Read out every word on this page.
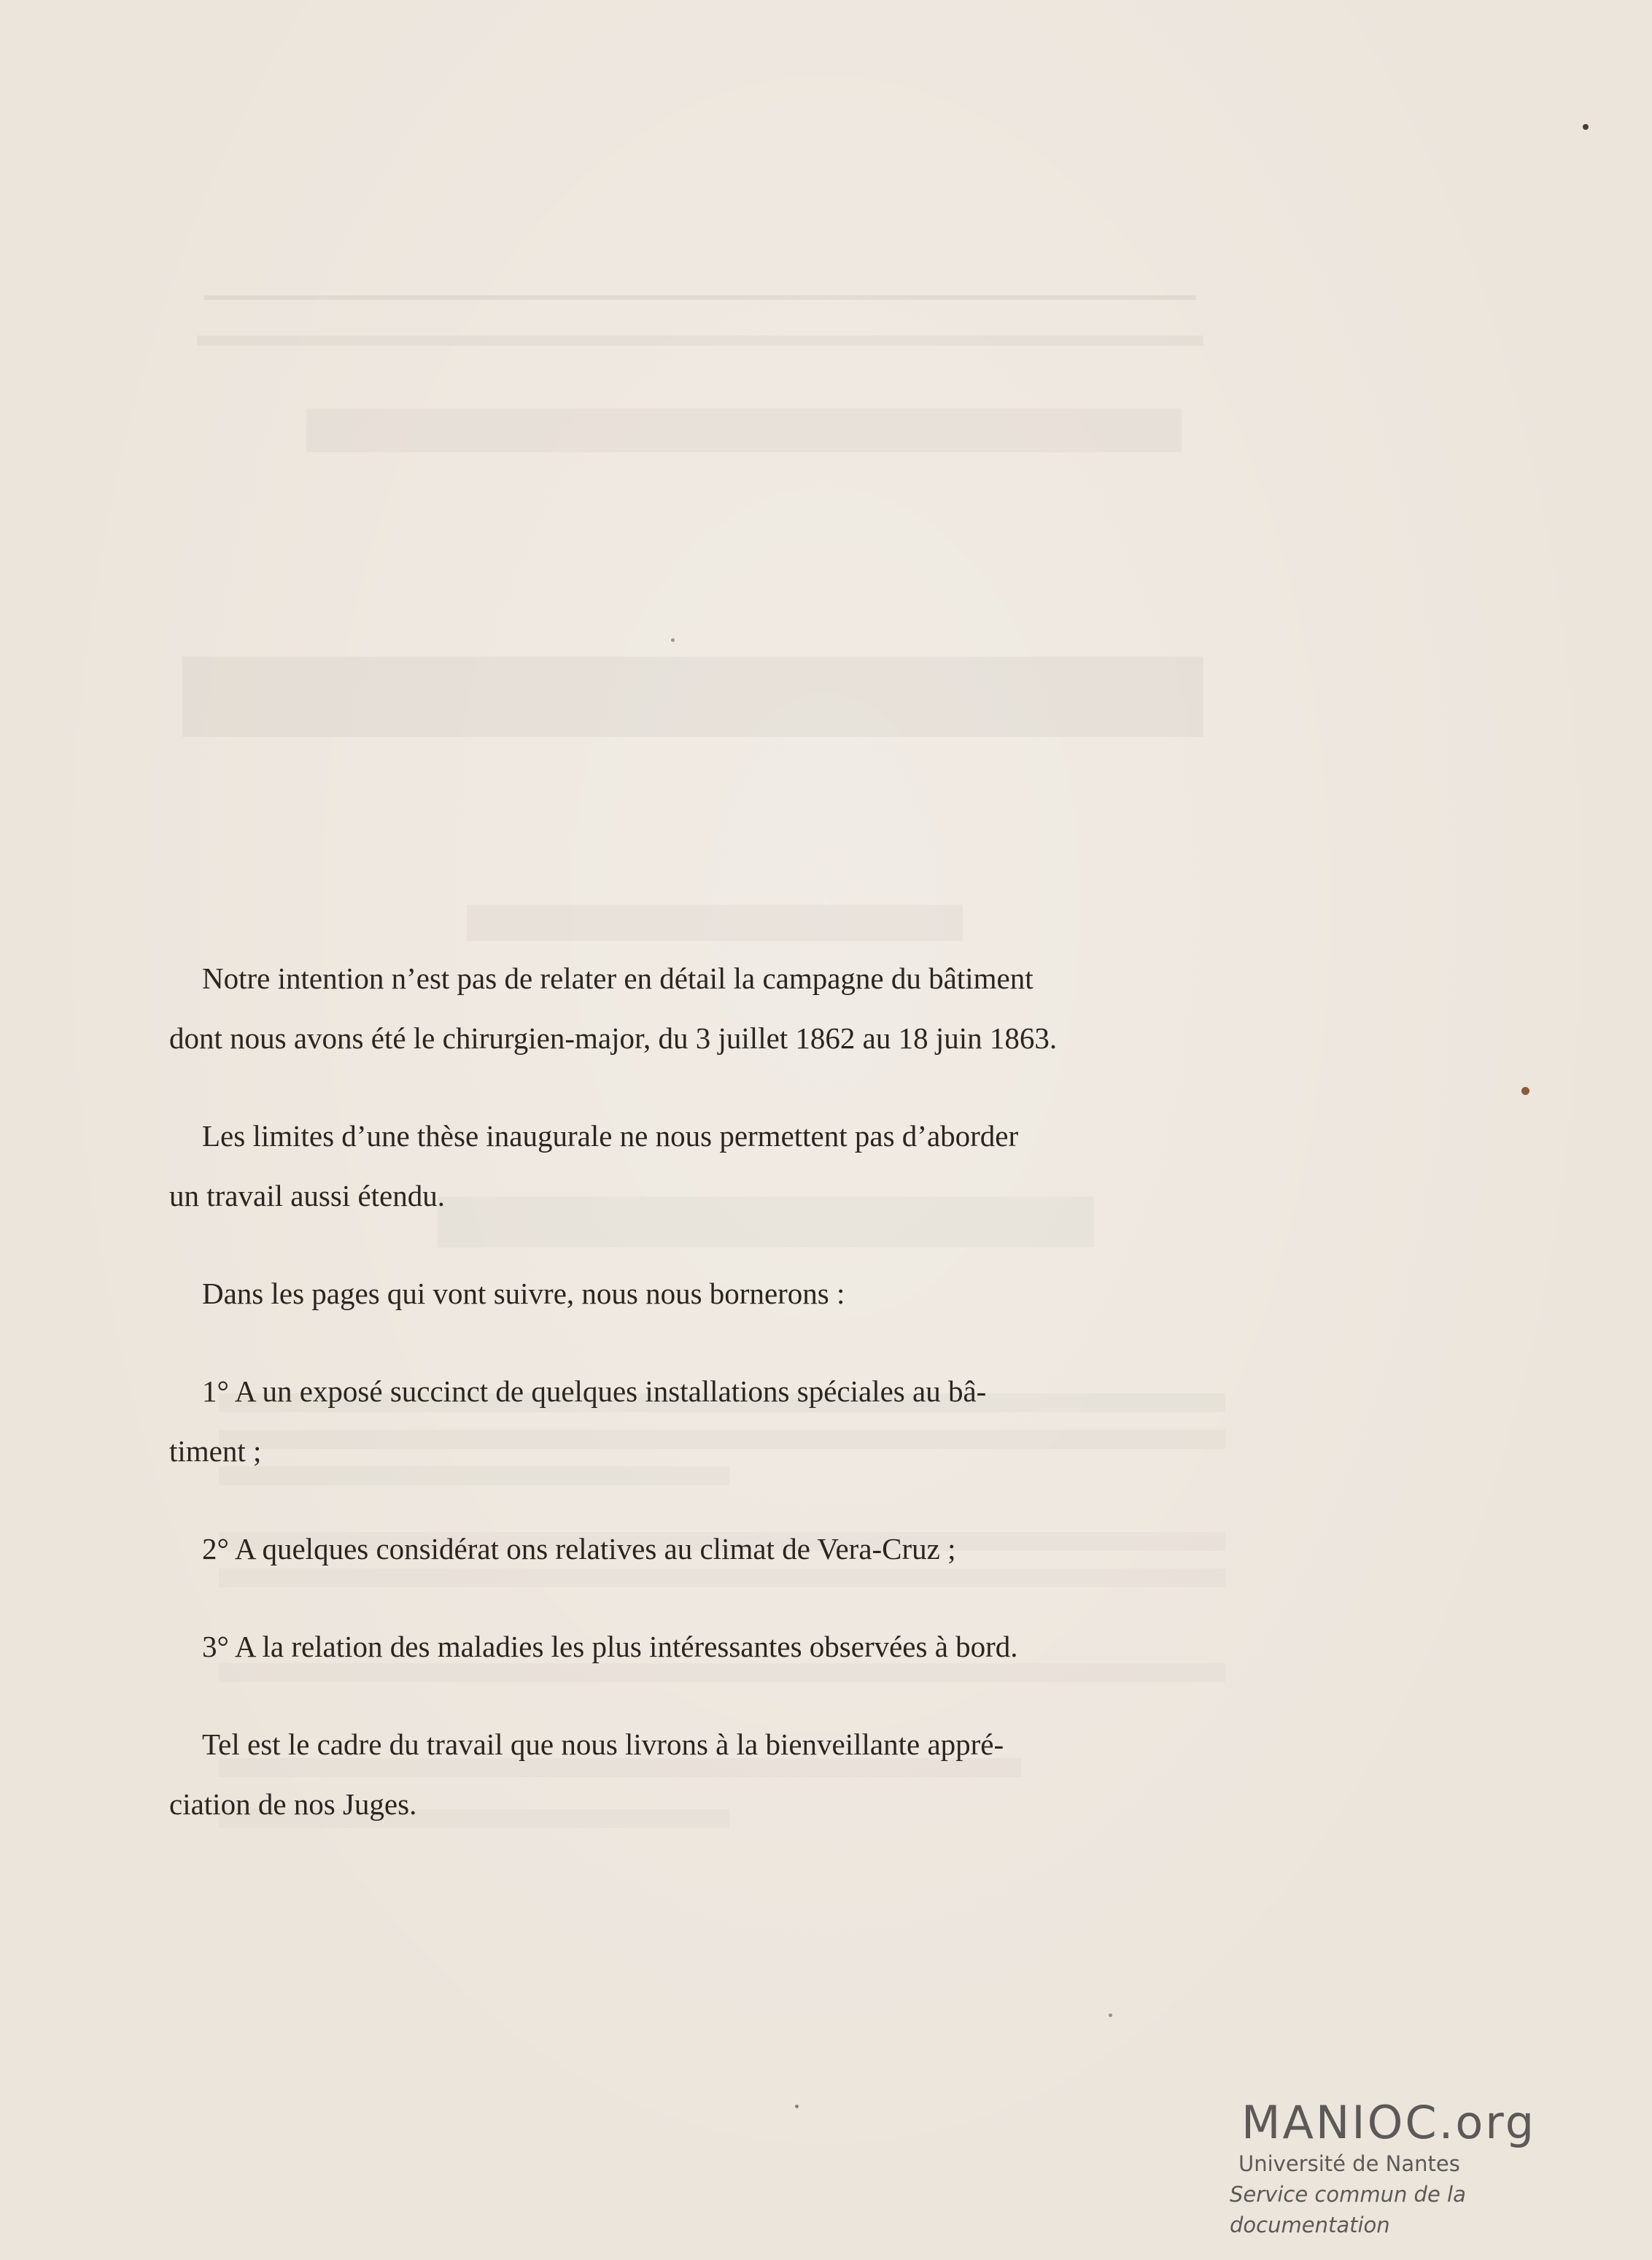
Notre intention n’est pas de relater en détail la campagne du bâtiment
dont nous avons été le chirurgien-major, du 3 juillet 1862 au 18 juin 1863.
Les limites d’une thèse inaugurale ne nous permettent pas d’aborder
un travail aussi étendu.
Dans les pages qui vont suivre, nous nous bornerons :
1° A un exposé succinct de quelques installations spéciales au bâ-
timent ;
2° A quelques considérat ons relatives au climat de Vera-Cruz ;
3° A la relation des maladies les plus intéressantes observées à bord.
Tel est le cadre du travail que nous livrons à la bienveillante appré-
ciation de nos Juges.
MANIOC.org
Université de Nantes
Service commun de la documentation
